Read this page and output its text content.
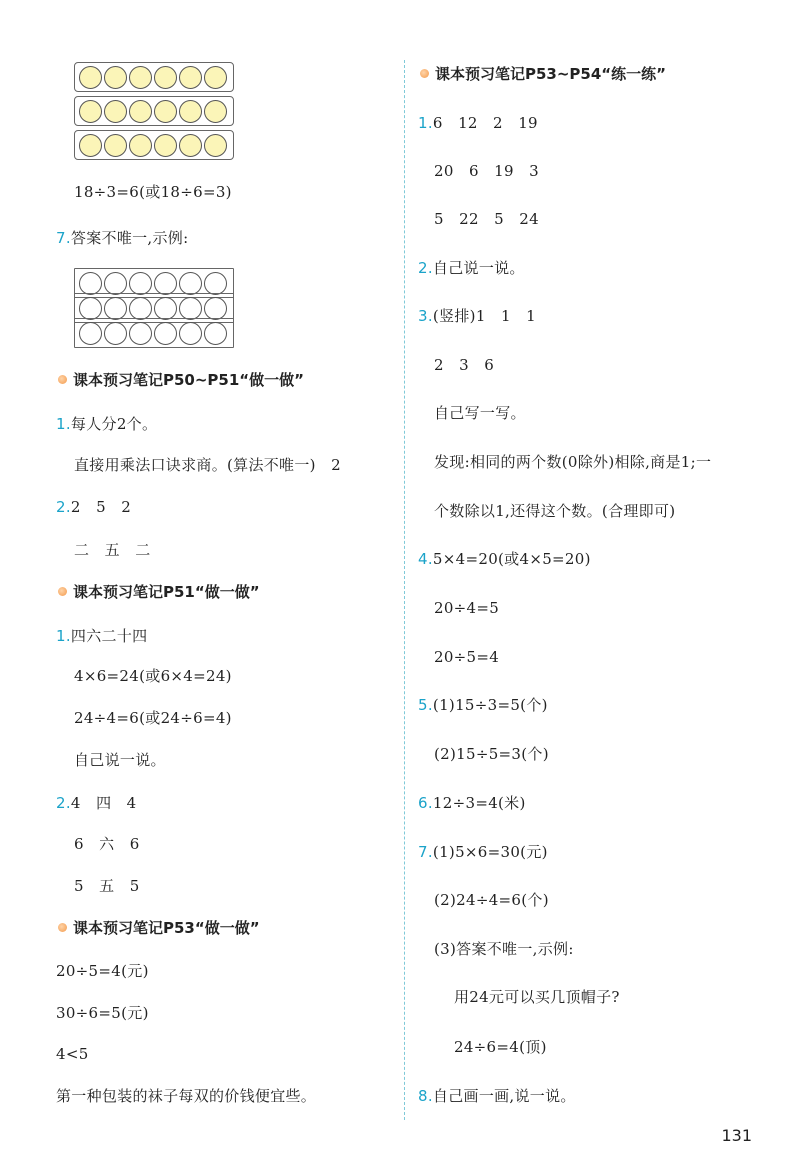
18÷3=6(或18÷6=3)
7.答案不唯一,示例:
课本预习笔记P50~P51“做一做”
1.每人分2个。
直接用乘法口诀求商。(算法不唯一)　2
2.2　5　2
二　五　二
课本预习笔记P51“做一做”
1.四六二十四
4×6=24(或6×4=24)
24÷4=6(或24÷6=4)
自己说一说。
2.4　四　4
6　六　6
5　五　5
课本预习笔记P53“做一做”
20÷5=4(元)
30÷6=5(元)
4<5
第一种包装的袜子每双的价钱便宜些。
课本预习笔记P53~P54“练一练”
1.6　12　2　19
20　6　19　3
5　22　5　24
2.自己说一说。
3.(竖排)1　1　1
2　3　6
自己写一写。
发现:相同的两个数(0除外)相除,商是1;一
个数除以1,还得这个数。(合理即可)
4.5×4=20(或4×5=20)
20÷4=5
20÷5=4
5.(1)15÷3=5(个)
(2)15÷5=3(个)
6.12÷3=4(米)
7.(1)5×6=30(元)
(2)24÷4=6(个)
(3)答案不唯一,示例:
用24元可以买几顶帽子?
24÷6=4(顶)
8.自己画一画,说一说。
131
